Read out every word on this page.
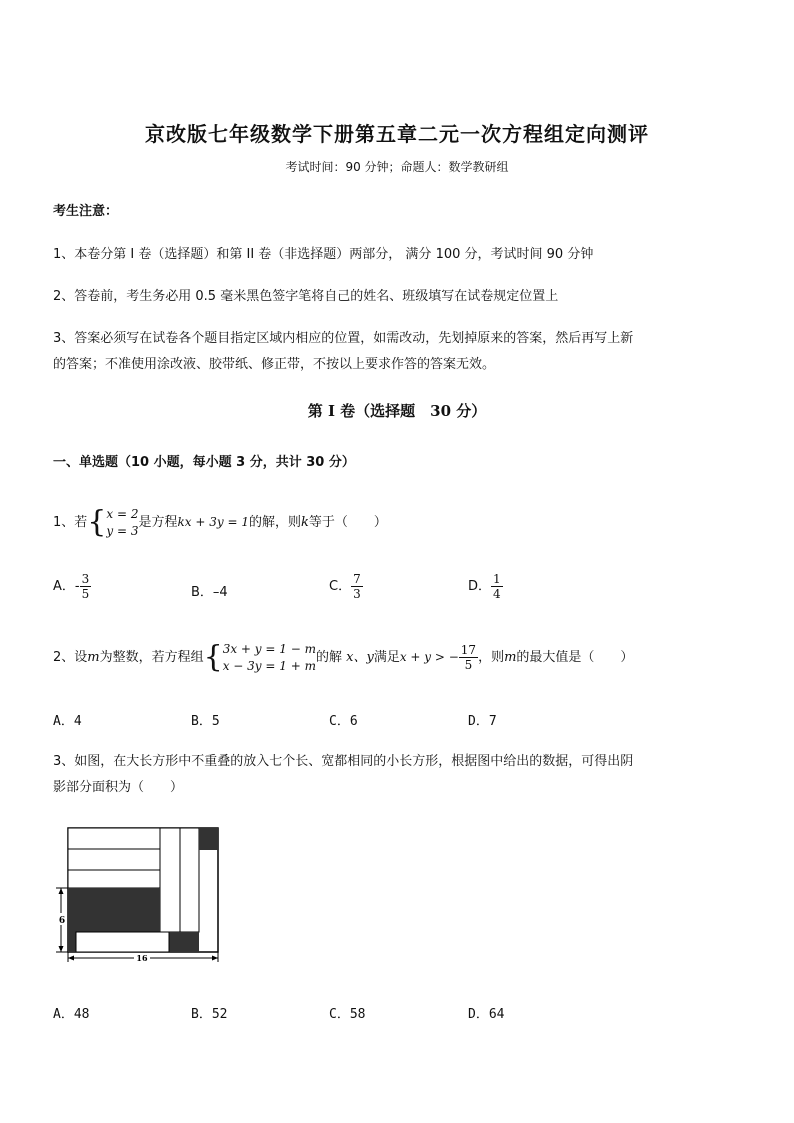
京改版七年级数学下册第五章二元一次方程组定向测评
考试时间：90 分钟；命题人：数学教研组
考生注意：
1、本卷分第 I 卷（选择题）和第 II 卷（非选择题）两部分， 满分 100 分，考试时间 90 分钟
2、答卷前，考生务必用 0.5 毫米黑色签字笔将自己的姓名、班级填写在试卷规定位置上
3、答案必须写在试卷各个题目指定区域内相应的位置，如需改动，先划掉原来的答案，然后再写上新
的答案；不准使用涂改液、胶带纸、修正带，不按以上要求作答的答案无效。
第 I 卷（选择题　30 分）
一、单选题（10 小题，每小题 3 分，共计 30 分）
1、若{ x = 2
y = 3
是方程kx + 3y = 1的解，则k等于（　　）
A．- $\frac{3}{5}$	B．–4	C． $\frac{7}{3}$	D． $\frac{1}{4}$
2、设m为整数，若方程组{ 3x + y = 1 − m
x − 3y = 1 + m
的解 x、y满足x + y > − $\frac{17}{5}$ ，则m的最大值是（　　）
A．4	B．5	C．6	D．7
3、如图，在大长方形中不重叠的放入七个长、宽都相同的小长方形，根据图中给出的数据，可得出阴
影部分面积为（　　）
6
16
A．48	B．52	C．58	D．64
